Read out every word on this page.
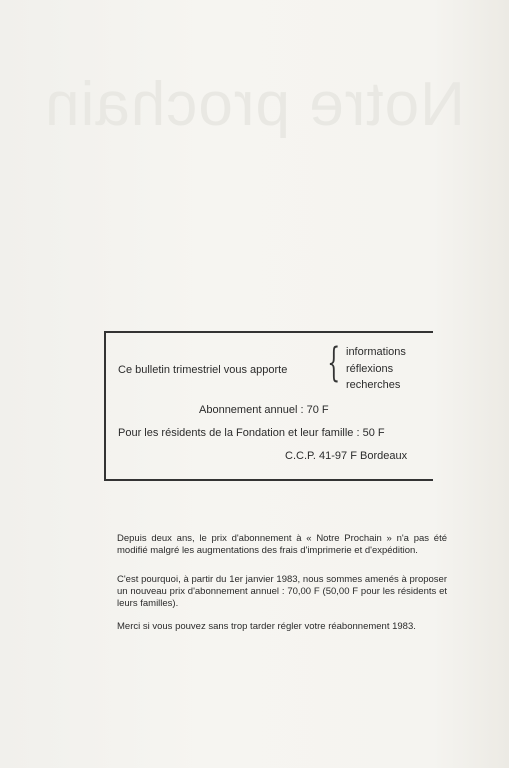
Notre prochain
Ce bulletin trimestriel vous apporte { informations
réflexions
recherches
Abonnement annuel : 70 F
Pour les résidents de la Fondation et leur famille : 50 F
C.C.P. 41-97 F Bordeaux
Depuis deux ans, le prix d'abonnement à « Notre Prochain » n'a pas été modifié malgré les augmentations des frais d'imprimerie et d'expédition.
C'est pourquoi, à partir du 1er janvier 1983, nous sommes amenés à proposer un nouveau prix d'abonnement annuel : 70,00 F (50,00 F pour les résidents et leurs familles).
Merci si vous pouvez sans trop tarder régler votre réabonnement 1983.
